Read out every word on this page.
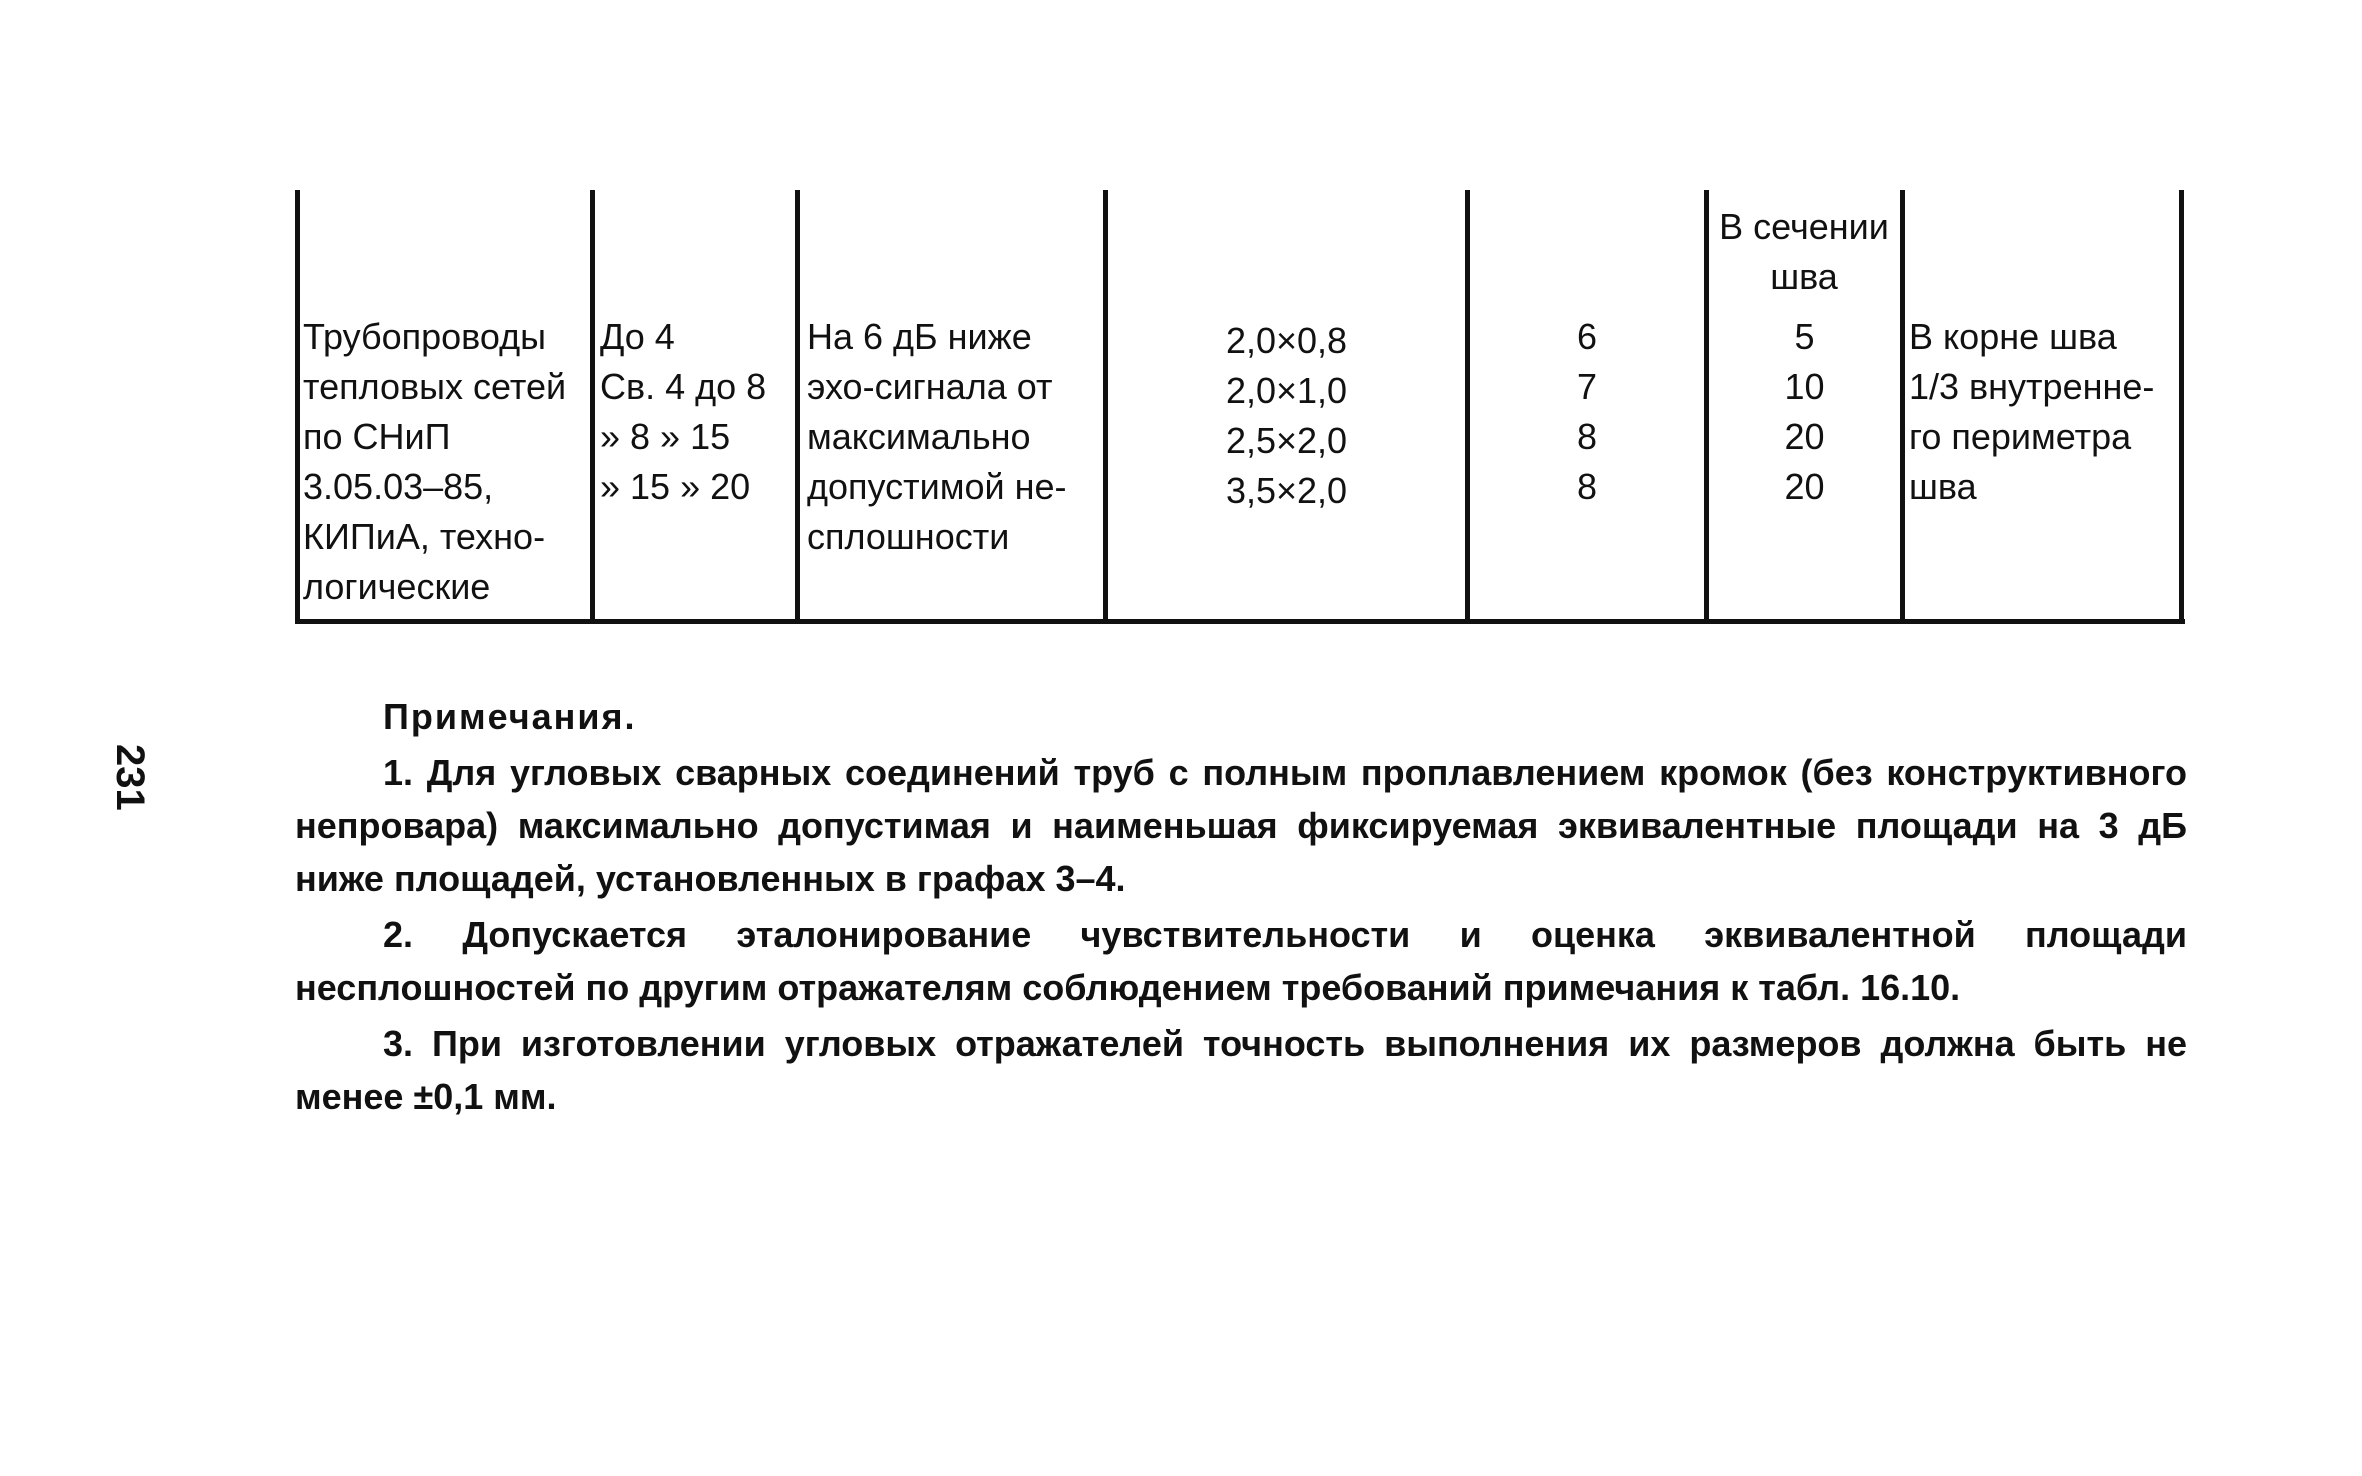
В сечении
шва
Трубопроводы
тепловых сетей
по СНиП
3.05.03–85,
КИПиА, техно-
логические
До 4
Св. 4 до 8
» 8 » 15
» 15 » 20
На 6 дБ ниже
эхо-сигнала от
максимально
допустимой не-
сплошности
2,0×0,8
2,0×1,0
2,5×2,0
3,5×2,0
6
7
8
8
5
10
20
20
В корне шва
1/3 внутренне-
го периметра
шва
231
Примечания.
1. Для угловых сварных соединений труб с полным проплавлением кромок (без конструктивного непровара) максимально допустимая и наименьшая фиксируемая эквивалентные площади на 3 дБ ниже площадей, установленных в графах 3–4.
2. Допускается эталонирование чувствительности и оценка эквивалентной площади несплошностей по другим отражателям соблюдением требований примечания к табл. 16.10.
3. При изготовлении угловых отражателей точность выполнения их размеров должна быть не менее ±0,1 мм.
